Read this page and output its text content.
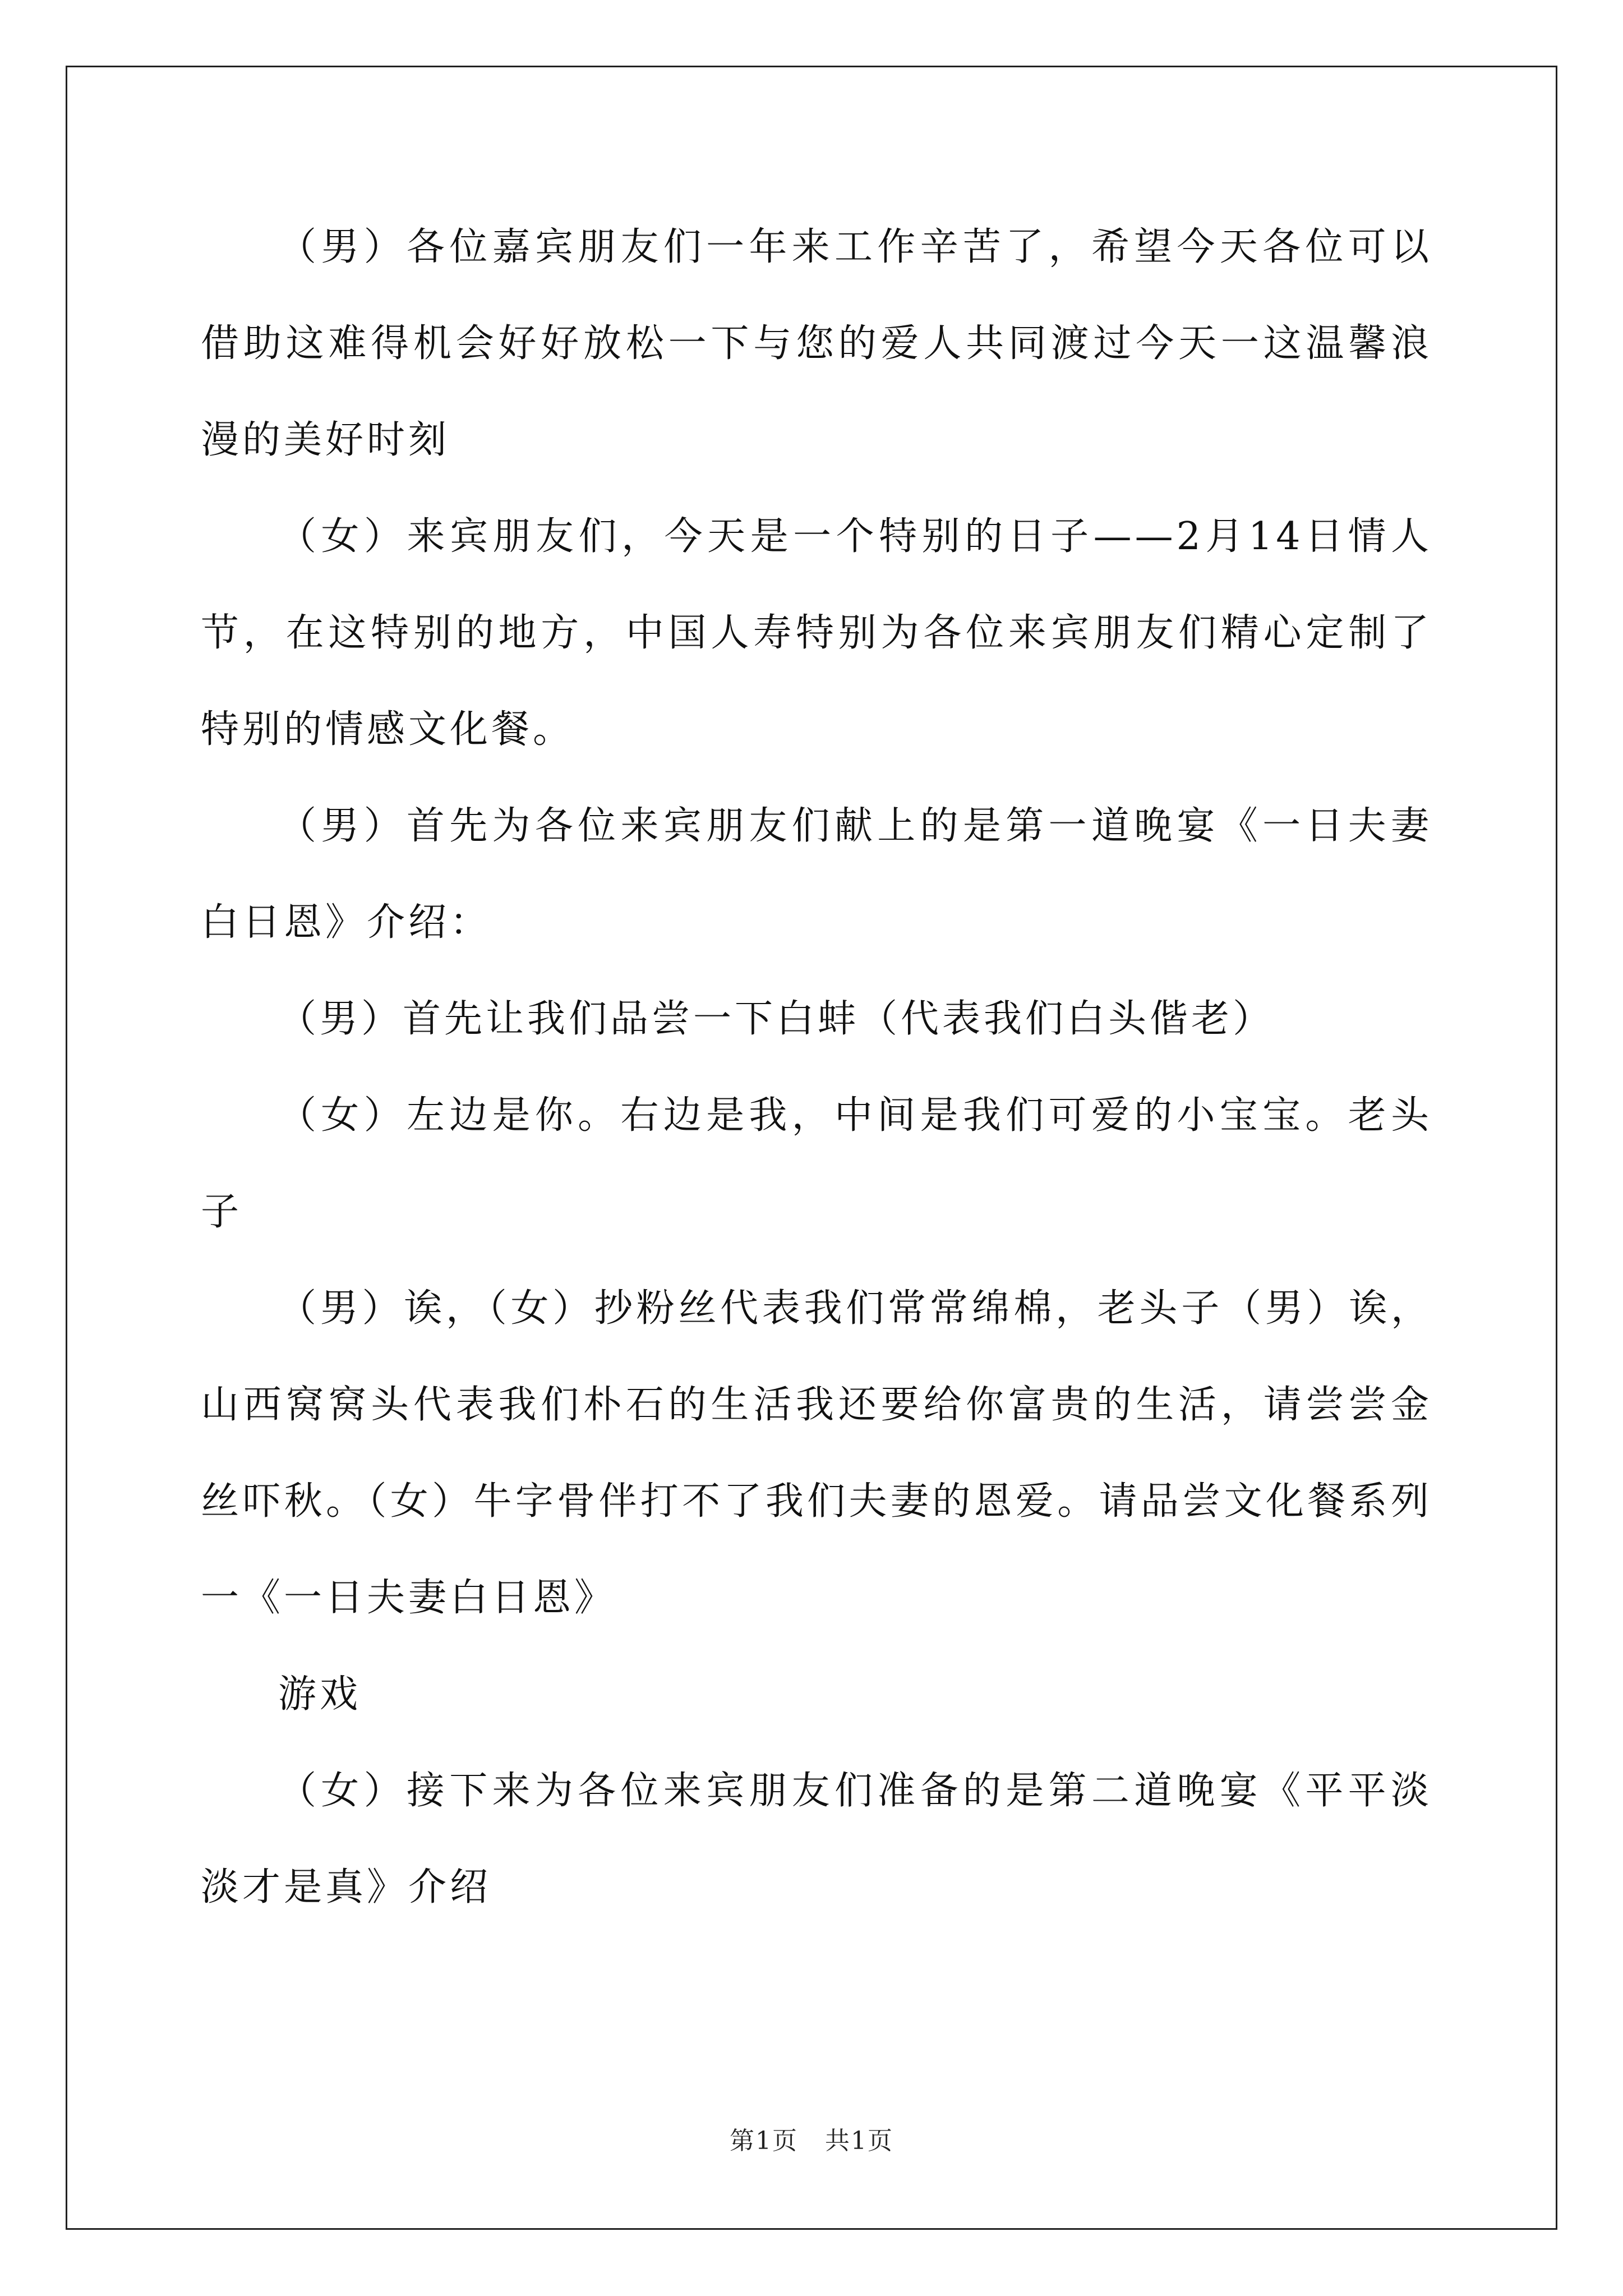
（男）各位嘉宾朋友们一年来工作辛苦了，希望今天各位可以借助这难得机会好好放松一下与您的爱人共同渡过今天一这温馨浪漫的美好时刻

（女）来宾朋友们，今天是一个特别的日子——2月14日情人节，在这特别的地方，中国人寿特别为各位来宾朋友们精心定制了特别的情感文化餐。

（男）首先为各位来宾朋友们献上的是第一道晚宴《一日夫妻白日恩》介绍：

（男）首先让我们品尝一下白蚌（代表我们白头偕老）

（女）左边是你。右边是我，中间是我们可爱的小宝宝。老头子

（男）诶，（女）抄粉丝代表我们常常绵棉，老头子（男）诶，山西窝窝头代表我们朴石的生活我还要给你富贵的生活，请尝尝金丝吓秋。（女）牛字骨伴打不了我们夫妻的恩爱。请品尝文化餐系列一《一日夫妻白日恩》

游戏

（女）接下来为各位来宾朋友们准备的是第二道晚宴《平平淡淡才是真》介绍

第1页 共1页
